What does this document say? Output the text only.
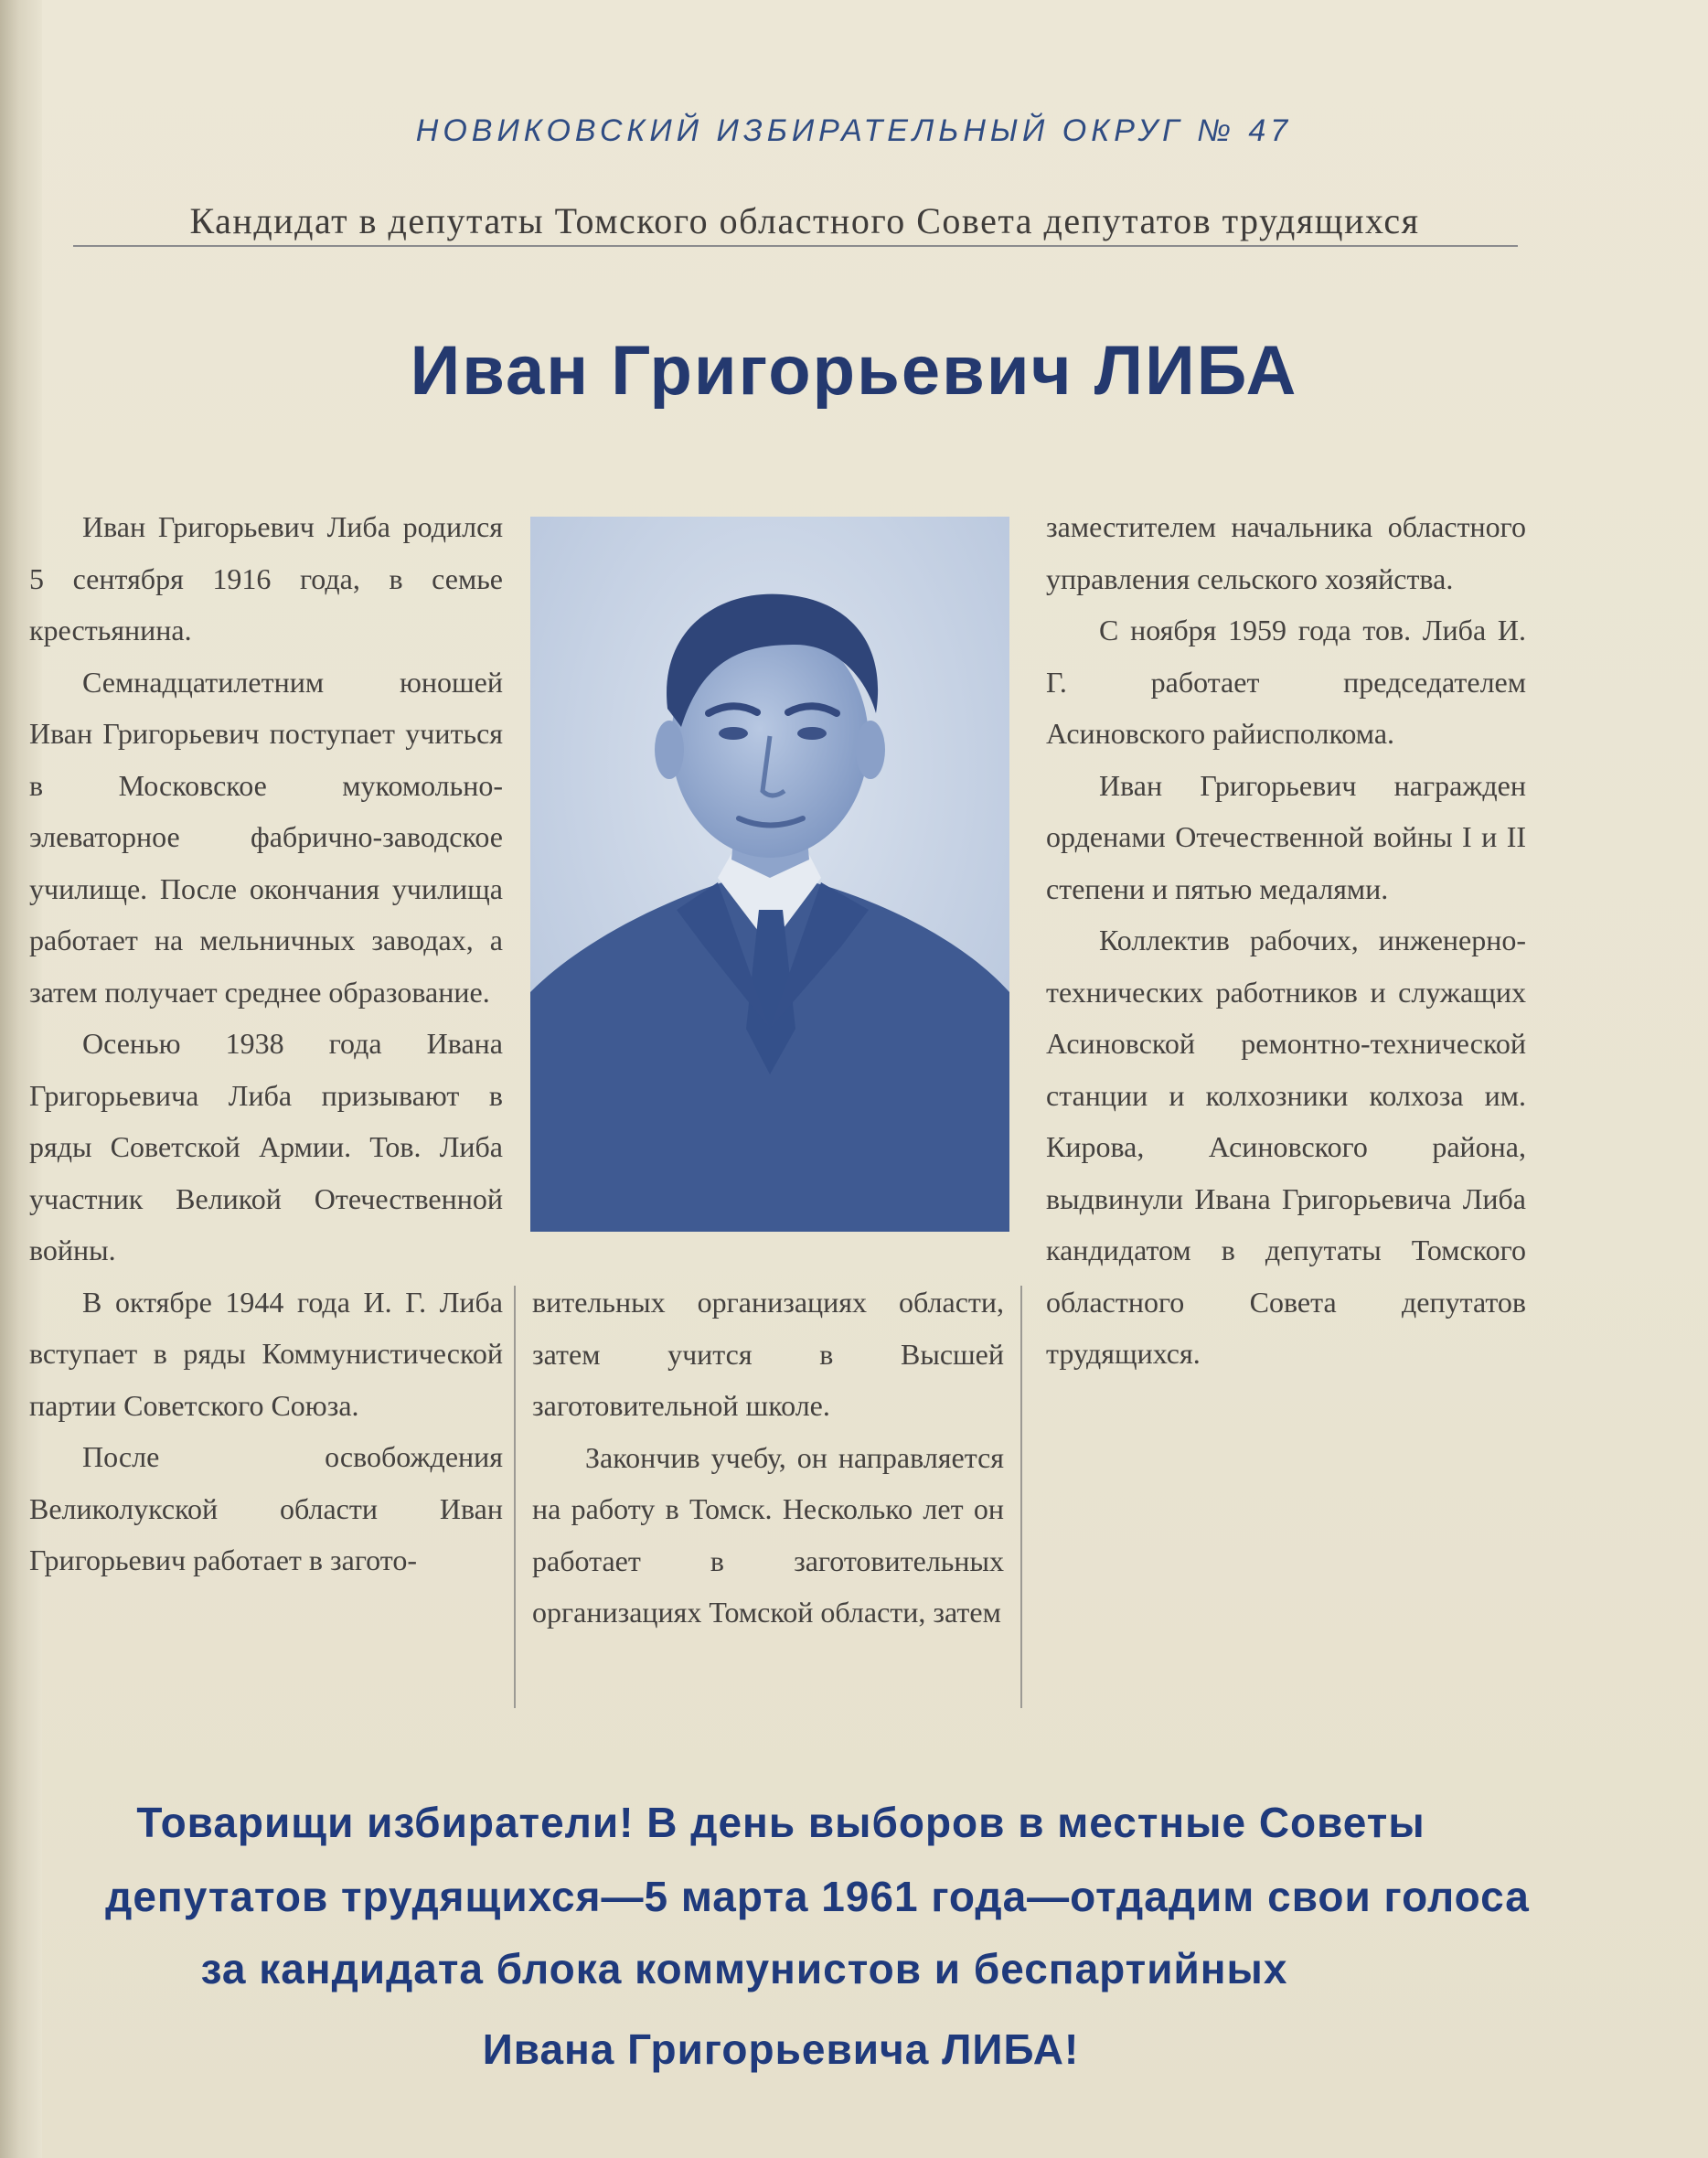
НОВИКОВСКИЙ ИЗБИРАТЕЛЬНЫЙ ОКРУГ № 47
Кандидат в депутаты Томского областного Совета депутатов трудящихся
Иван Григорьевич ЛИБА

Иван Григорьевич Либа родился 5 сентября 1916 года, в семье крестьянина.

Семнадцатилетним юношей Иван Григорьевич поступает учиться в Московское мукомольно-элеваторное фабрично-заводское училище. После окончания училища работает на мельничных заводах, а затем получает среднее образование.

Осенью 1938 года Ивана Григорьевича Либа призывают в ряды Советской Армии. Тов. Либа участник Великой Отечественной войны.

В октябре 1944 года И. Г. Либа вступает в ряды Коммунистической партии Советского Союза.

После освобождения Великолукской области Иван Григорьевич работает в загото-

вительных организациях области, затем учится в Высшей заготовительной школе.

Закончив учебу, он направляется на работу в Томск. Несколько лет он работает в заготовительных организациях Томской области, затем

заместителем начальника областного управления сельского хозяйства.

С ноября 1959 года тов. Либа И. Г. работает председателем Асиновского райисполкома.

Иван Григорьевич награжден орденами Отечественной войны I и II степени и пятью медалями.

Коллектив рабочих, инженерно-технических работников и служащих Асиновской ремонтно-технической станции и колхозники колхоза им. Кирова, Асиновского района, выдвинули Ивана Григорьевича Либа кандидатом в депутаты Томского областного Совета депутатов трудящихся.

Товарищи избиратели! В день выборов в местные Советы
депутатов трудящихся—5 марта 1961 года—отдадим свои голоса
за кандидата блока коммунистов и беспартийных
Ивана Григорьевича ЛИБА!
